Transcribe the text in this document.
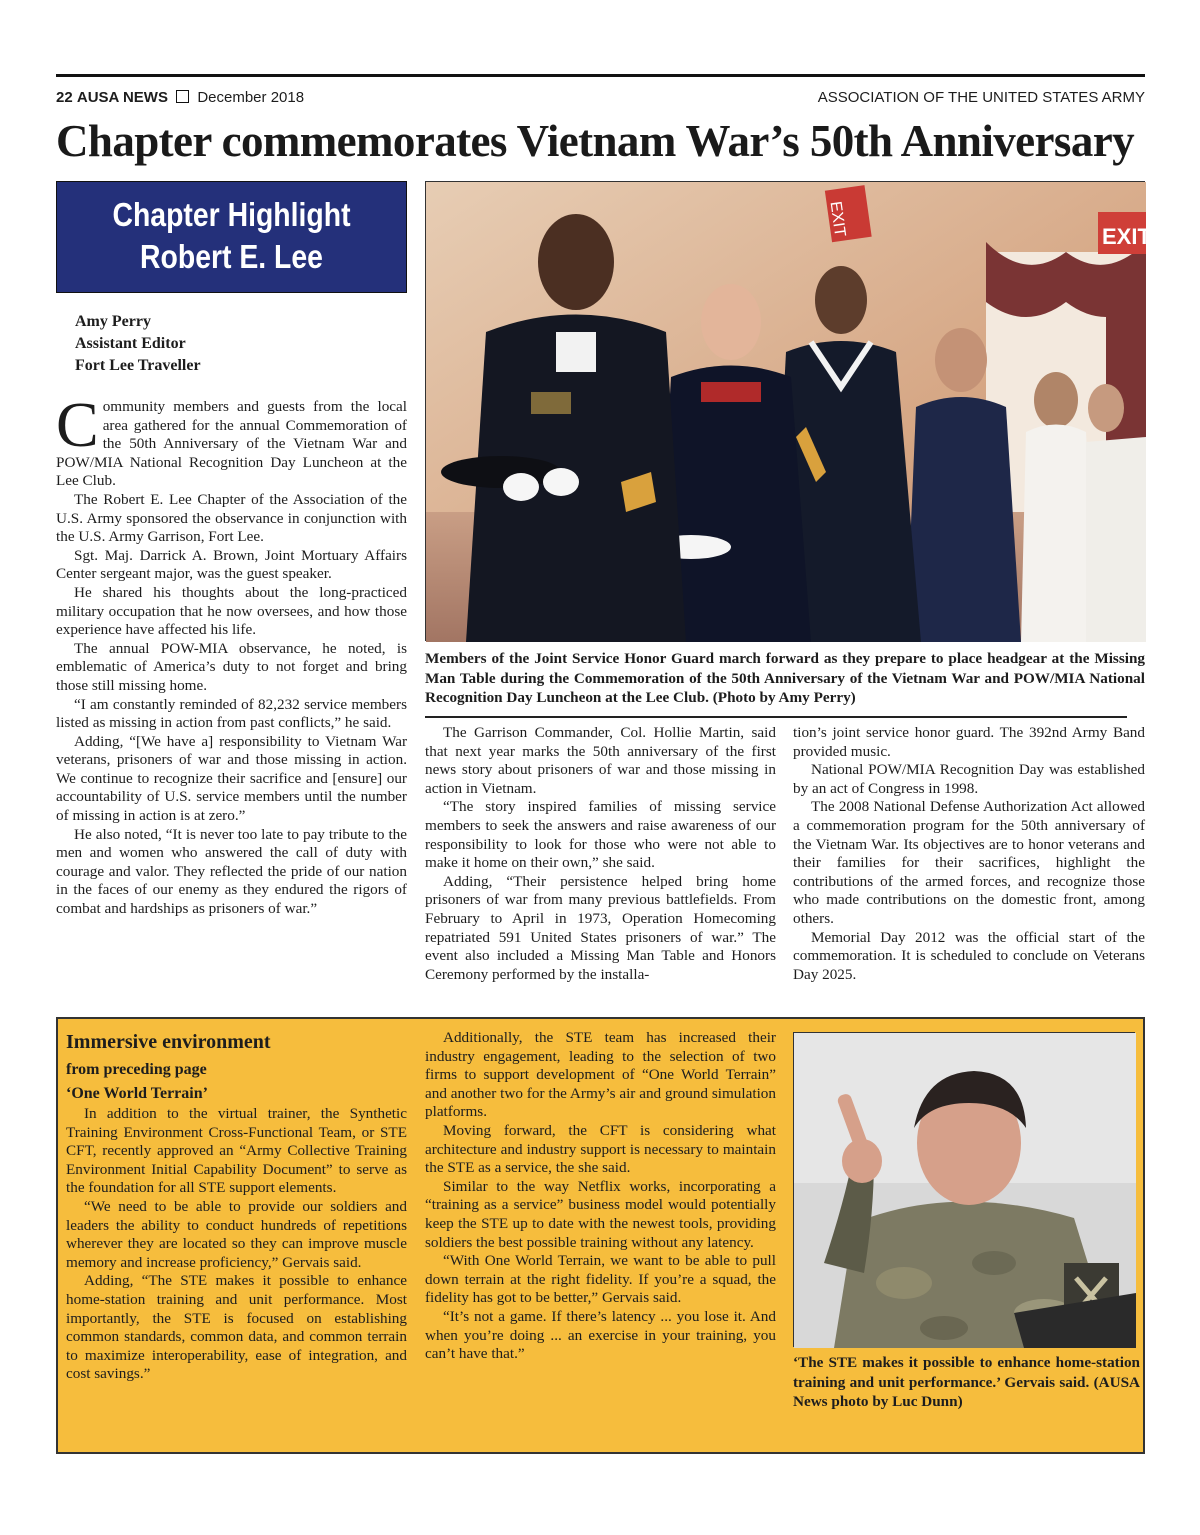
22 AUSA NEWS December 2018	ASSOCIATION OF THE UNITED STATES ARMY
Chapter commemorates Vietnam War’s 50th Anniversary
Chapter Highlight
Robert E. Lee
Amy Perry
Assistant Editor
Fort Lee Traveller

Community members and guests from the local area gathered for the annual Commemoration of the 50th Anniversary of the Vietnam War and POW/MIA National Recognition Day Luncheon at the Lee Club.

The Robert E. Lee Chapter of the Association of the U.S. Army sponsored the observance in conjunction with the U.S. Army Garrison, Fort Lee.

Sgt. Maj. Darrick A. Brown, Joint Mortuary Affairs Center sergeant major, was the guest speaker.

He shared his thoughts about the long-practiced military occupation that he now oversees, and how those experience have affected his life.

The annual POW-MIA observance, he noted, is emblematic of America’s duty to not forget and bring those still missing home.

“I am constantly reminded of 82,232 service members listed as missing in action from past conflicts,” he said.

Adding, “[We have a] responsibility to Vietnam War veterans, prisoners of war and those missing in action. We continue to recognize their sacrifice and [ensure] our accountability of U.S. service members until the number of missing in action is at zero.”

He also noted, “It is never too late to pay tribute to the men and women who answered the call of duty with courage and valor. They reflected the pride of our nation in the faces of our enemy as they endured the rigors of combat and hardships as prisoners of war.”

EXIT	EXIT
Members of the Joint Service Honor Guard march forward as they prepare to place headgear at the Missing Man Table during the Commemoration of the 50th Anniversary of the Vietnam War and POW/MIA National Recognition Day Luncheon at the Lee Club. (Photo by Amy Perry)

The Garrison Commander, Col. Hollie Martin, said that next year marks the 50th anniversary of the first news story about prisoners of war and those missing in action in Vietnam.

“The story inspired families of missing service members to seek the answers and raise awareness of our responsibility to look for those who were not able to make it home on their own,” she said.

Adding, “Their persistence helped bring home prisoners of war from many previous battlefields. From February to April in 1973, Operation Homecoming repatriated 591 United States prisoners of war.” The event also included a Missing Man Table and Honors Ceremony performed by the installa-

tion’s joint service honor guard. The 392nd Army Band provided music.

National POW/MIA Recognition Day was established by an act of Congress in 1998.

The 2008 National Defense Authorization Act allowed a commemoration program for the 50th anniversary of the Vietnam War. Its objectives are to honor veterans and their families for their sacrifices, highlight the contributions of the armed forces, and recognize those who made contributions on the domestic front, among others.

Memorial Day 2012 was the official start of the commemoration. It is scheduled to conclude on Veterans Day 2025.

Immersive environment
from preceding page
‘One World Terrain’

In addition to the virtual trainer, the Synthetic Training Environment Cross-Functional Team, or STE CFT, recently approved an “Army Collective Training Environment Initial Capability Document” to serve as the foundation for all STE support elements.

“We need to be able to provide our soldiers and leaders the ability to conduct hundreds of repetitions wherever they are located so they can improve muscle memory and increase proficiency,” Gervais said.

Adding, “The STE makes it possible to enhance home-station training and unit performance. Most importantly, the STE is focused on establishing common standards, common data, and common terrain to maximize interoperability, ease of integration, and cost savings.”

Additionally, the STE team has increased their industry engagement, leading to the selection of two firms to support development of “One World Terrain” and another two for the Army’s air and ground simulation platforms.

Moving forward, the CFT is considering what architecture and industry support is necessary to maintain the STE as a service, the she said.

Similar to the way Netflix works, incorporating a “training as a service” business model would potentially keep the STE up to date with the newest tools, providing soldiers the best possible training without any latency.

“With One World Terrain, we want to be able to pull down terrain at the right fidelity. If you’re a squad, the fidelity has got to be better,” Gervais said.

“It’s not a game. If there’s latency ... you lose it. And when you’re doing ... an exercise in your training, you can’t have that.”

‘The STE makes it possible to enhance home-station training and unit performance.’ Gervais said. (AUSA News photo by Luc Dunn)
